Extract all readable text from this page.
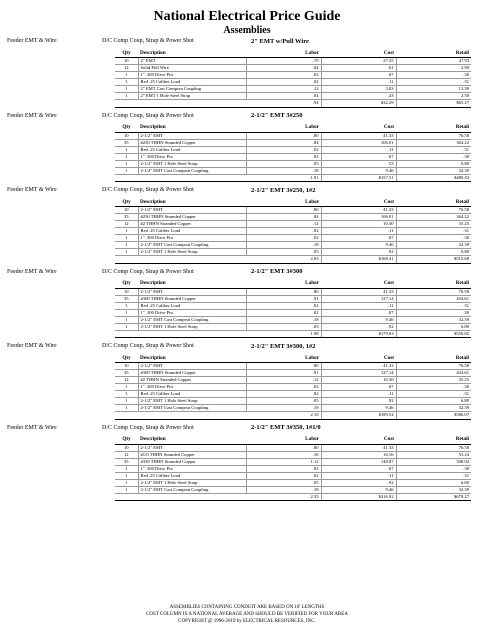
National Electrical Price Guide
Assemblies
Feeder EMT & Wire	D/C Comp Coup, Strap & Power Shot	2" EMT w/Pull Wire
Qty	Description	Labor	Cost	Retail
10	2" EMT	.70	27.25	47.93
12	Solid Pull Wire	.04	.61	2.90
1	1" .300 Drive Pin	.02	.07	.30
1	Red .25 Caliber Load	.02	.11	.31
1	2" EMT Cast Comprsn Coupling	.12	3.83	13.39
1	2" EMT 1 Hole Steel Strap	.04	.43	2.50
		.94	$32.29	$65.27
Feeder EMT & Wire	D/C Comp Coup, Strap & Power Shot	2-1/2" EMT 3#250
Qty	Description	Labor	Cost	Retail
10	2-1/2" EMT	.80	41.33	76.58
35	#250 THHN Stranded Copper	.84	106.01	364.22
1	Red .25 Caliber Load	.02	.11	.31
1	1" .300 Drive Pin	.02	.07	.30
1	2-1/2" EMT 1 Hole Steel Strap	.05	.53	6.80
1	2-1/2" EMT Cast Comprsn Coupling	.18	9.46	32.39
		1.91	$157.51	$480.43
Feeder EMT & Wire	D/C Comp Coup, Strap & Power Shot	2-1/2" EMT 3#250, 1#2
Qty	Description	Labor	Cost	Retail
10	2-1/2" EMT	.80	41.33	76.58
35	#250 THHN Stranded Copper	.84	106.01	364.22
12	#2 THHN Stranded Copper	.12	10.30	35.25
1	Red .25 Caliber Load	.02	.11	.31
1	1" .300 Drive Pin	.02	.07	.30
1	2-1/2" EMT Cast Comprsn Coupling	.18	9.46	32.39
1	2-1/2" EMT 1 Hole Steel Strap	.05	.92	6.80
		2.03	$168.41	$515.68
Feeder EMT & Wire	D/C Comp Coup, Strap & Power Shot	2-1/2" EMT 3#300
Qty	Description	Labor	Cost	Retail
10	2-1/2" EMT	.80	41.33	76.58
35	#300 THHN Stranded Copper	.91	127.14	434.61
1	Red .25 Caliber Load	.02	.11	.31
1	1" .300 Drive Pin	.02	.07	.30
1	2-1/2" EMT Cast Comprsn Coupling	.18	9.46	32.39
1	2-1/2" EMT 1 Hole Steel Strap	.05	.92	6.80
		1.98	$179.03	$550.82
Feeder EMT & Wire	D/C Comp Coup, Strap & Power Shot	2-1/2" EMT 3#300, 1#2
Qty	Description	Labor	Cost	Retail
10	2-1/2" EMT	.80	41.33	76.58
35	#300 THHN Stranded Copper	.91	127.14	434.61
12	#2 THHN Stranded Copper	.12	10.30	35.25
1	1" .300 Drive Pin	.02	.07	.30
1	Red .25 Caliber Load	.02	.11	.31
1	2-1/2" EMT 1 Hole Steel Strap	.05	.92	6.80
1	2-1/2" EMT Cast Comprsn Coupling	.18	9.46	32.39
		2.10	$189.54	$586.07
Feeder EMT & Wire	D/C Comp Coup, Strap & Power Shot	2-1/2" EMT 3#350, 1#1/0
Qty	Description	Labor	Cost	Retail
10	2-1/2" EMT	.80	41.33	76.58
12	#1/0 THHN Stranded Copper	.16	16.16	53.24
35	#350 THHN Stranded Copper	1.12	148.87	508.92
1	1" .300 Drive Pin	.02	.07	.30
1	Red .25 Caliber Load	.02	.11	.31
1	2-1/2" EMT 1 Hole Steel Strap	.05	.92	6.80
1	2-1/2" EMT Cast Comprsn Coupling	.18	9.46	32.39
		2.35	$216.92	$678.27
ASSEMBLIES CONTAINING CONDUIT ARE BASED ON 10' LENGTHS
COST COLUMN IS A NATIONAL AVERAGE AND SHOULD BE VERIFIED FOR YOUR AREA
COPYRIGHT @ 1996-2019 by ELECTRICAL RESOURCES, INC.
